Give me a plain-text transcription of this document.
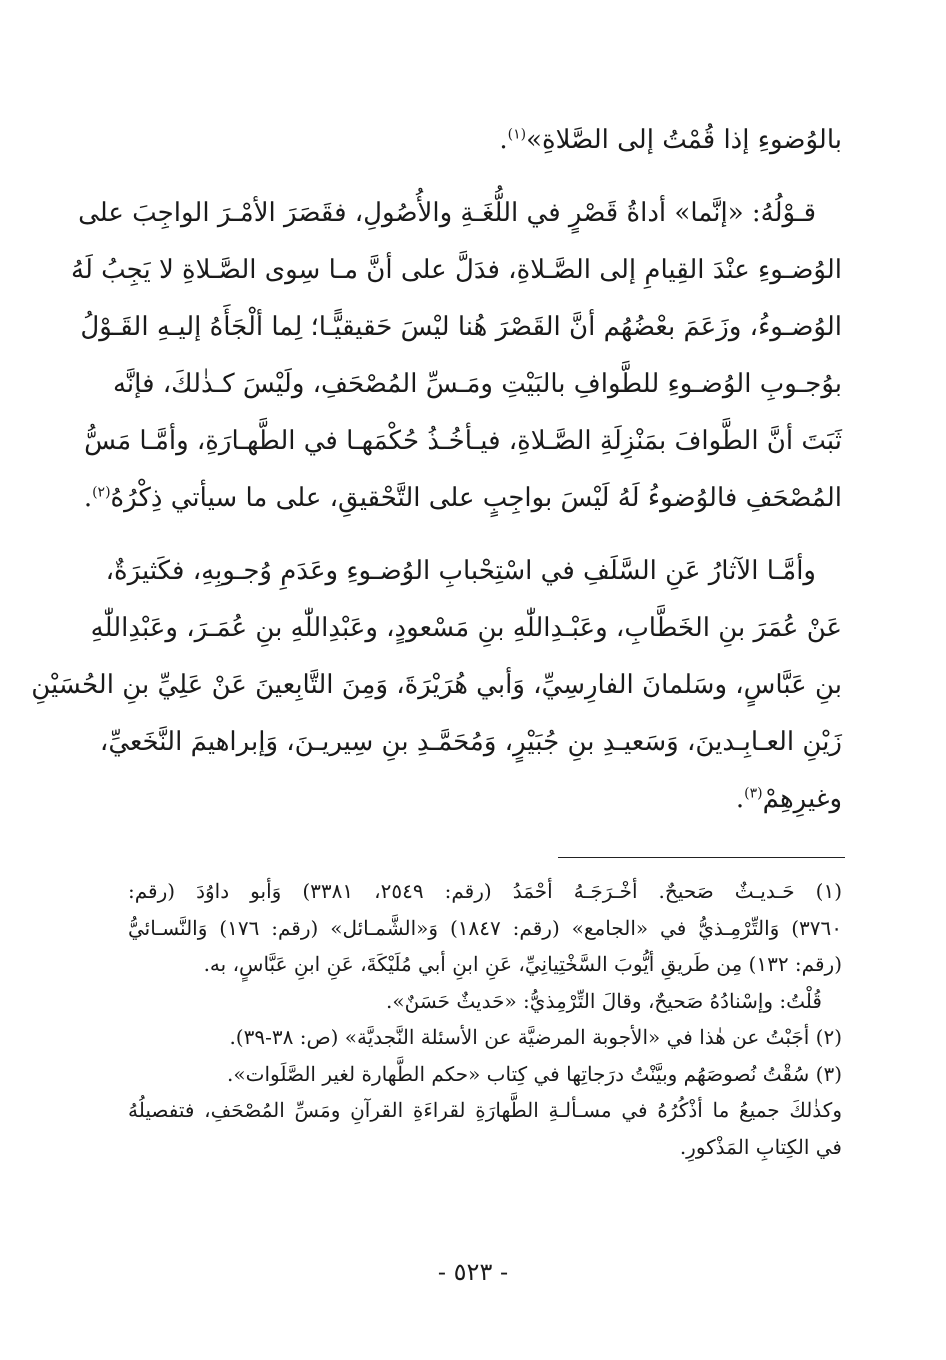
بالوُضوءِ إذا قُمْتُ إلى الصَّلاةِ»$^{(١)}$.
قـوْلُهُ: «إنَّما» أداةُ قَصْرٍ في اللُّغَـةِ والأُصُولِ، فقَصَرَ الأمْـرَ الواجِبَ على
الوُضـوءِ عنْدَ القِيامِ إلى الصَّـلاةِ، فدَلَّ على أنَّ مـا سِوى الصَّـلاةِ لا يَجِبُ لَهُ
الوُضـوءُ، وزَعَمَ بعْضُهُم أنَّ القَصْرَ هُنا ليْسَ حَقيقيًّـا؛ لِما ألْجَأَهُ إليـهِ القَـوْلُ
بوُجـوبِ الوُضـوءِ للطَّوافِ بالبَيْتِ ومَـسِّ المُصْحَفِ، ولَيْسَ كـذٰلكَ، فإنَّه
ثَبَتَ أنَّ الطَّوافَ بمَنْزِلَةِ الصَّـلاةِ، فيـأخُـذُ حُكْمَهـا في الطَّهـارَةِ، وأمَّـا مَسُّ
المُصْحَفِ فالوُضوءُ لَهُ لَيْسَ بواجِبٍ على التَّحْقيقِ، على ما سيأتي ذِكْرُهُ$^{(٢)}$.
وأمَّـا الآثارُ عَنِ السَّلَفِ في اسْتِحْبابِ الوُضـوءِ وعَدَمِ وُجـوبِهِ، فكَثيرَةٌ،
عَنْ عُمَرَ بنِ الخَطَّابِ، وعَبْـدِاللّٰهِ بنِ مَسْعودٍ، وعَبْدِاللّٰهِ بنِ عُمَـرَ، وعَبْدِاللّٰهِ
بنِ عَبَّاسٍ، وسَلمانَ الفارِسِيِّ، وَأبي هُرَيْرَةَ، وَمِنَ التَّابِعينَ عَنْ عَلِيِّ بنِ الحُسَيْنِ
زَيْنِ العـابِـدينَ، وَسَعيـدِ بنِ جُبَيْرٍ، وَمُحَمَّـدِ بنِ سِيريـنَ، وَإبراهيمَ النَّخَعيِّ،
وغيرِهِمْ$^{(٣)}$.
(١) حَـديـثٌ صَحيحٌ. أخْـرَجَـهُ أحْمَدُ (رقم: ٢٥٤٩، ٣٣٨١) وَأبو داوُدَ (رقم:
٣٧٦٠) وَالتِّرْمِـذيُّ في «الجامع» (رقم: ١٨٤٧) وَ«الشَّمـائل» (رقم: ١٧٦) وَالنَّسـائيُّ
(رقم: ١٣٢) مِن طَريقِ أيُّوبَ السَّخْتِيانِيِّ، عَنِ ابنِ أبي مُلَيْكَةَ، عَنِ ابنِ عَبَّاسٍ، به.
قُلْتُ: وإسْنادُهُ صَحيحٌ، وقالَ التِّرْمِذيُّ: «حَديثٌ حَسَنٌ».
(٢) أجَبْتُ عن هٰذا في «الأجوبة المرضيَّة عن الأسئلة النَّجديَّة» (ص: ٣٨-٣٩).
(٣) سُقْتُ نُصوصَهُم وبيَّنْتُ درَجاتِها في كِتاب «حكم الطَّهارة لغير الصَّلَوات».
وكذٰلكَ جميعُ ما أذْكُرُهُ في مسـألـةِ الطَّهارَةِ لقراءَةِ القرآنِ ومَسِّ المُصْحَفِ، فتفصيلُهُ
في الكِتابِ المَذْكورِ.
- ٥٢٣ -
